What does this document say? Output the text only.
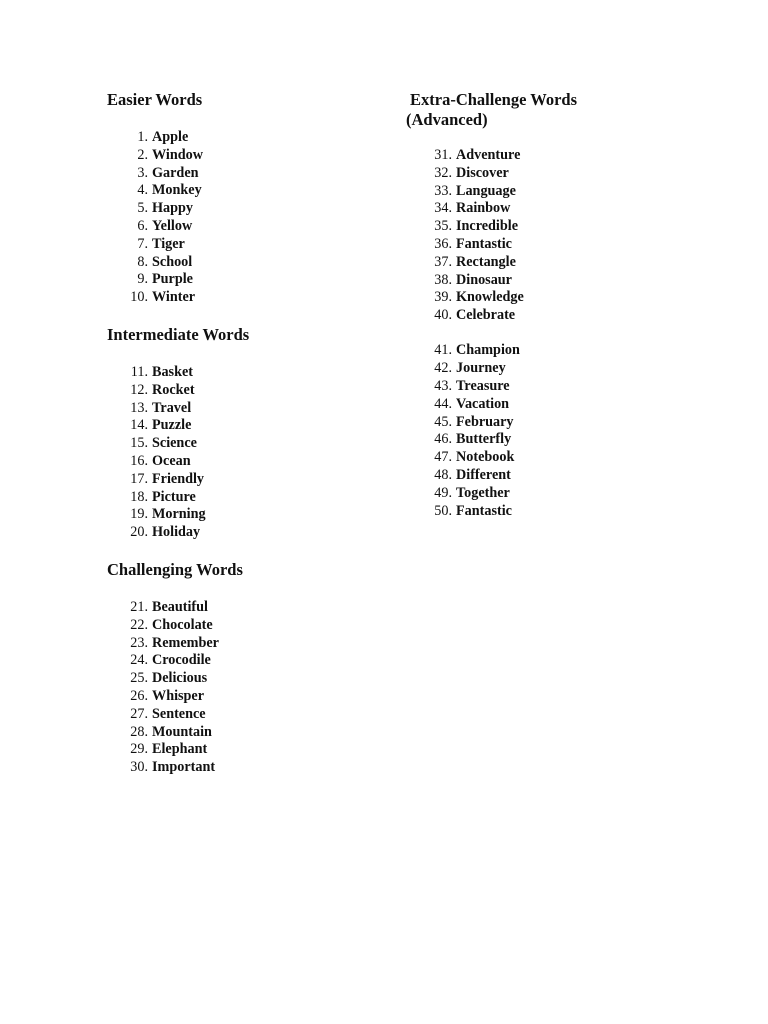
Easier Words
1. Apple
2. Window
3. Garden
4. Monkey
5. Happy
6. Yellow
7. Tiger
8. School
9. Purple
10. Winter
Intermediate Words
11. Basket
12. Rocket
13. Travel
14. Puzzle
15. Science
16. Ocean
17. Friendly
18. Picture
19. Morning
20. Holiday
Challenging Words
21. Beautiful
22. Chocolate
23. Remember
24. Crocodile
25. Delicious
26. Whisper
27. Sentence
28. Mountain
29. Elephant
30. Important
Extra-Challenge Words
(Advanced)
31. Adventure
32. Discover
33. Language
34. Rainbow
35. Incredible
36. Fantastic
37. Rectangle
38. Dinosaur
39. Knowledge
40. Celebrate
41. Champion
42. Journey
43. Treasure
44. Vacation
45. February
46. Butterfly
47. Notebook
48. Different
49. Together
50. Fantastic
